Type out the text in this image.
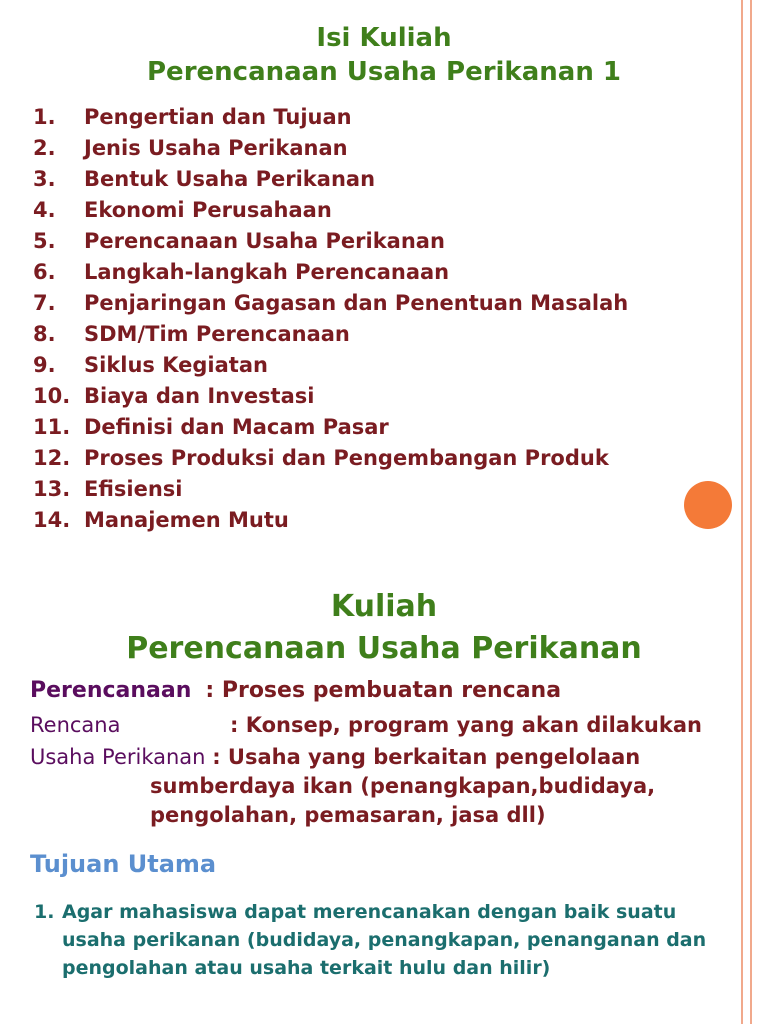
Isi Kuliah
Perencanaan Usaha Perikanan 1
1.	Pengertian dan Tujuan
2.	Jenis Usaha Perikanan
3.	Bentuk Usaha Perikanan
4.	Ekonomi Perusahaan
5.	Perencanaan Usaha Perikanan
6.	Langkah-langkah Perencanaan
7.	Penjaringan Gagasan dan Penentuan Masalah
8.	SDM/Tim Perencanaan
9.	Siklus Kegiatan
10. Biaya dan Investasi
11. Definisi dan Macam Pasar
12. Proses Produksi dan Pengembangan Produk
13. Efisiensi
14. Manajemen Mutu
Kuliah
Perencanaan Usaha Perikanan
Perencanaan : Proses pembuatan rencana
Rencana	: Konsep, program yang akan dilakukan
Usaha Perikanan : Usaha yang berkaitan pengelolaan
sumberdaya ikan (penangkapan,budidaya,
pengolahan, pemasaran, jasa dll)
Tujuan Utama
1. Agar mahasiswa dapat merencanakan dengan baik suatu usaha perikanan (budidaya, penangkapan, penanganan dan pengolahan atau usaha terkait hulu dan hilir)
